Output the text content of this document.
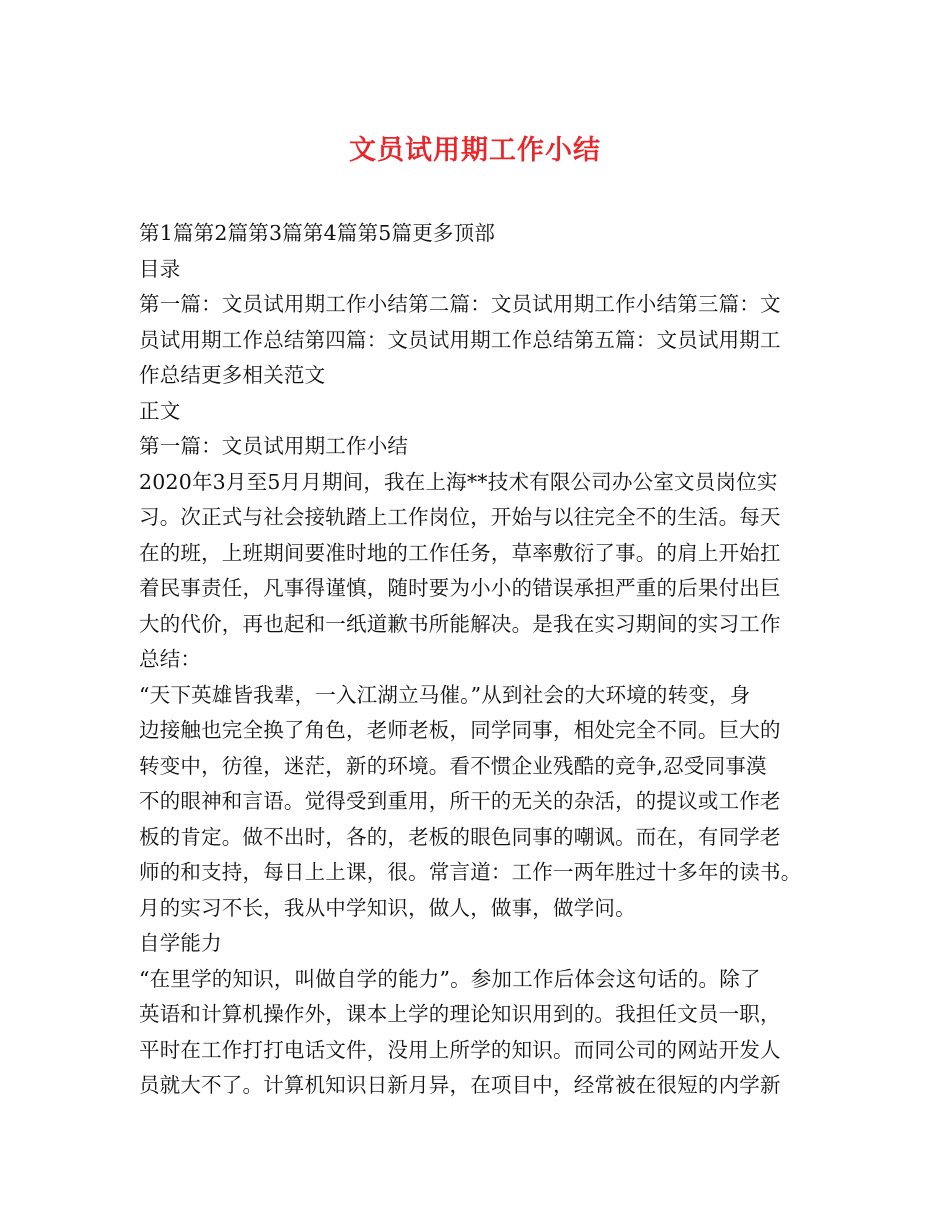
文员试用期工作小结

第1篇第2篇第3篇第4篇第5篇更多顶部

目录

第一篇：文员试用期工作小结第二篇：文员试用期工作小结第三篇：文

员试用期工作总结第四篇：文员试用期工作总结第五篇：文员试用期工

作总结更多相关范文

正文

第一篇：文员试用期工作小结

2020年3月至5月月期间，我在上海**技术有限公司办公室文员岗位实

习。次正式与社会接轨踏上工作岗位，开始与以往完全不的生活。每天

在的班，上班期间要准时地的工作任务，草率敷衍了事。的肩上开始扛

着民事责任，凡事得谨慎，随时要为小小的错误承担严重的后果付出巨

大的代价，再也起和一纸道歉书所能解决。是我在实习期间的实习工作

总结：

“天下英雄皆我辈，一入江湖立马催。”从到社会的大环境的转变，身

边接触也完全换了角色，老师老板，同学同事，相处完全不同。巨大的

转变中，彷徨，迷茫，新的环境。看不惯企业残酷的竞争,忍受同事漠

不的眼神和言语。觉得受到重用，所干的无关的杂活，的提议或工作老

板的肯定。做不出时，各的，老板的眼色同事的嘲讽。而在，有同学老

师的和支持，每日上上课，很。常言道：工作一两年胜过十多年的读书。

月的实习不长，我从中学知识，做人，做事，做学问。

自学能力

“在里学的知识，叫做自学的能力”。参加工作后体会这句话的。除了

英语和计算机操作外，课本上学的理论知识用到的。我担任文员一职，

平时在工作打打电话文件，没用上所学的知识。而同公司的网站开发人

员就大不了。计算机知识日新月异，在项目中，经常被在很短的内学新
